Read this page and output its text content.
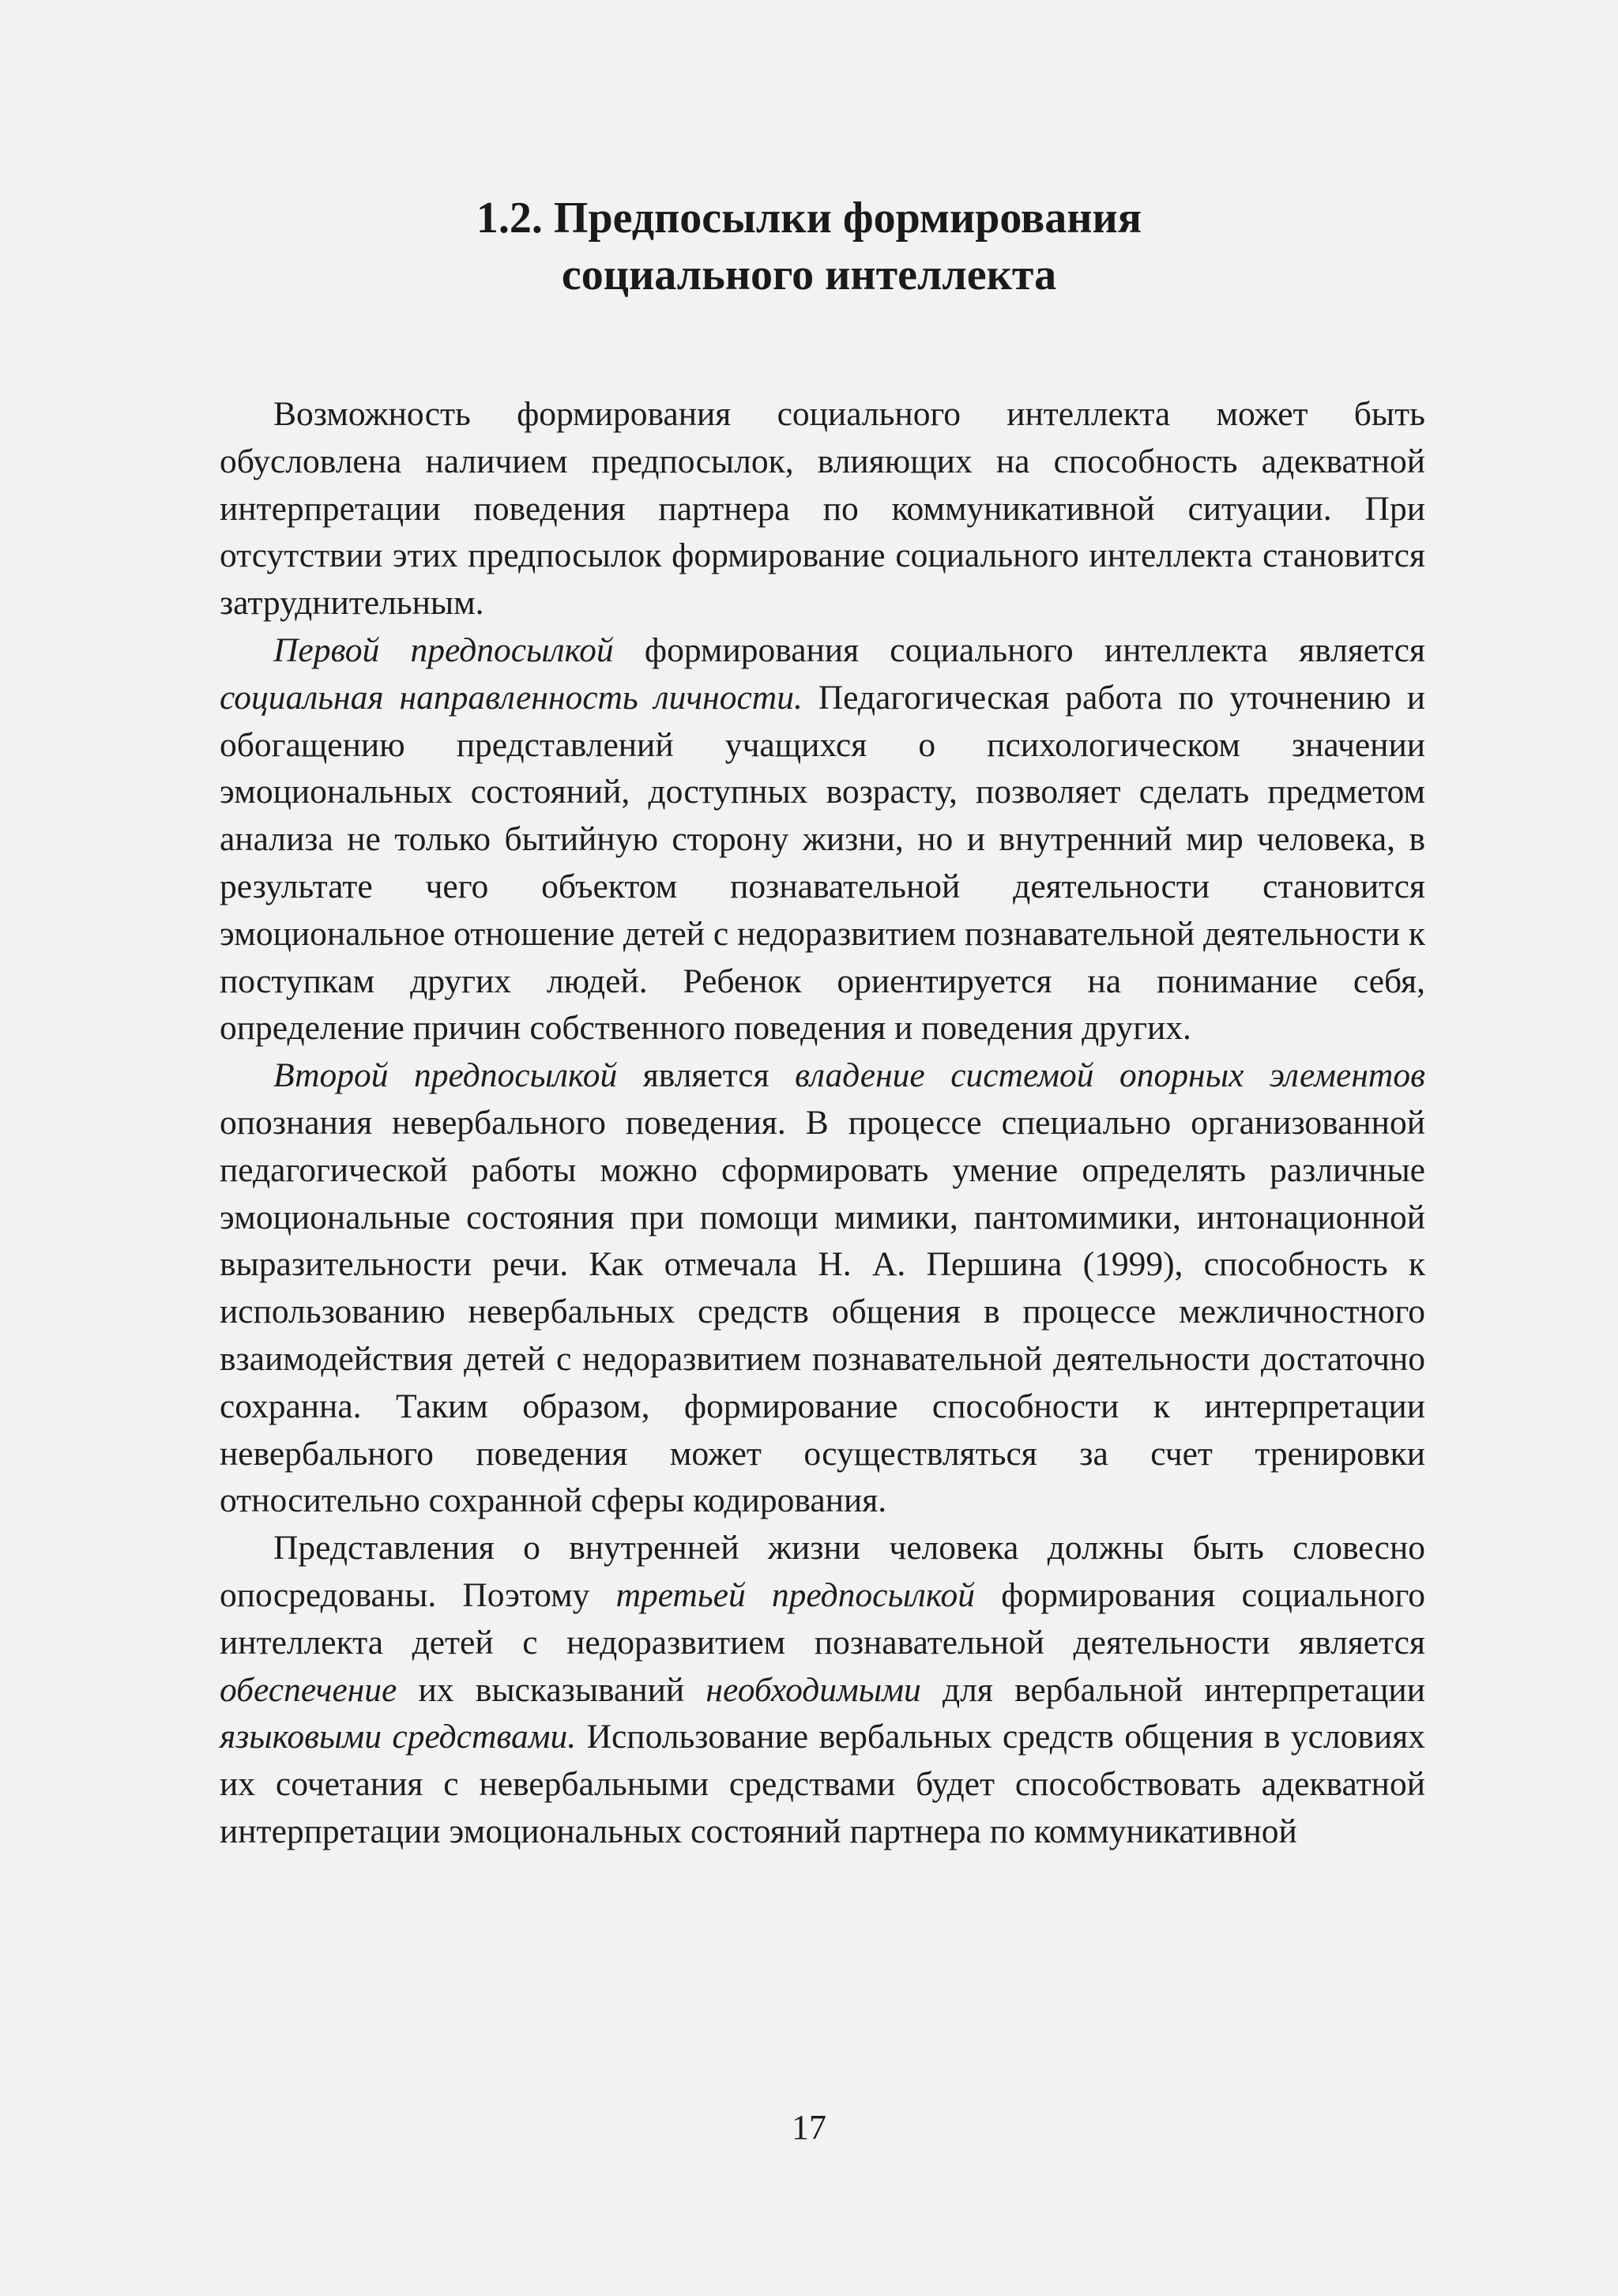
1.2. Предпосылки формирования
социального интеллекта

Возможность формирования социального интеллекта может быть обусловлена наличием предпосылок, влияющих на способность адекватной интерпретации поведения партнера по коммуникативной ситуации. При отсутствии этих предпосылок формирование социального интеллекта становится затруднительным.

Первой предпосылкой формирования социального интеллекта является социальная направленность личности. Педагогическая работа по уточнению и обогащению представлений учащихся о психологическом значении эмоциональных состояний, доступных возрасту, позволяет сделать предметом анализа не только бытийную сторону жизни, но и внутренний мир человека, в результате чего объектом познавательной деятельности становится эмоциональное отношение детей с недоразвитием познавательной деятельности к поступкам других людей. Ребенок ориентируется на понимание себя, определение причин собственного поведения и поведения других.

Второй предпосылкой является владение системой опорных элементов опознания невербального поведения. В процессе специально организованной педагогической работы можно сформировать умение определять различные эмоциональные состояния при помощи мимики, пантомимики, интонационной выразительности речи. Как отмечала Н. А. Першина (1999), способность к использованию невербальных средств общения в процессе межличностного взаимодействия детей с недоразвитием познавательной деятельности достаточно сохранна. Таким образом, формирование способности к интерпретации невербального поведения может осуществляться за счет тренировки относительно сохранной сферы кодирования.

Представления о внутренней жизни человека должны быть словесно опосредованы. Поэтому третьей предпосылкой формирования социального интеллекта детей с недоразвитием познавательной деятельности является обеспечение их высказываний необходимыми для вербальной интерпретации языковыми средствами. Использование вербальных средств общения в условиях их сочетания с невербальными средствами будет способствовать адекватной интерпретации эмоциональных состояний партнера по коммуникативной

17
